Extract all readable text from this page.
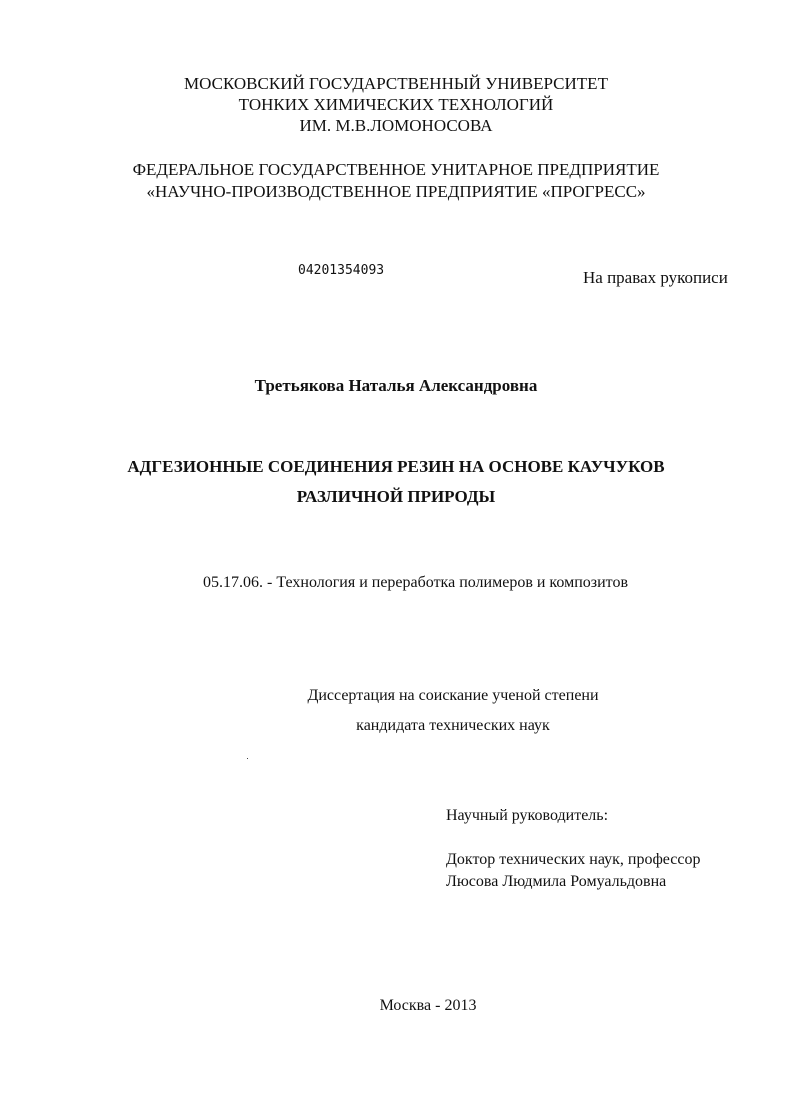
МОСКОВСКИЙ ГОСУДАРСТВЕННЫЙ УНИВЕРСИТЕТ
ТОНКИХ ХИМИЧЕСКИХ ТЕХНОЛОГИЙ
ИМ. М.В.ЛОМОНОСОВА
ФЕДЕРАЛЬНОЕ ГОСУДАРСТВЕННОЕ УНИТАРНОЕ ПРЕДПРИЯТИЕ
«НАУЧНО-ПРОИЗВОДСТВЕННОЕ ПРЕДПРИЯТИЕ «ПРОГРЕСС»
04201354093	На правах рукописи
Третьякова Наталья Александровна
АДГЕЗИОННЫЕ СОЕДИНЕНИЯ РЕЗИН НА ОСНОВЕ КАУЧУКОВ
РАЗЛИЧНОЙ ПРИРОДЫ
05.17.06. - Технология и переработка полимеров и композитов
Диссертация на соискание ученой степени
кандидата технических наук
Научный руководитель:
Доктор технических наук, профессор
Люсова Людмила Ромуальдовна
Москва - 2013
